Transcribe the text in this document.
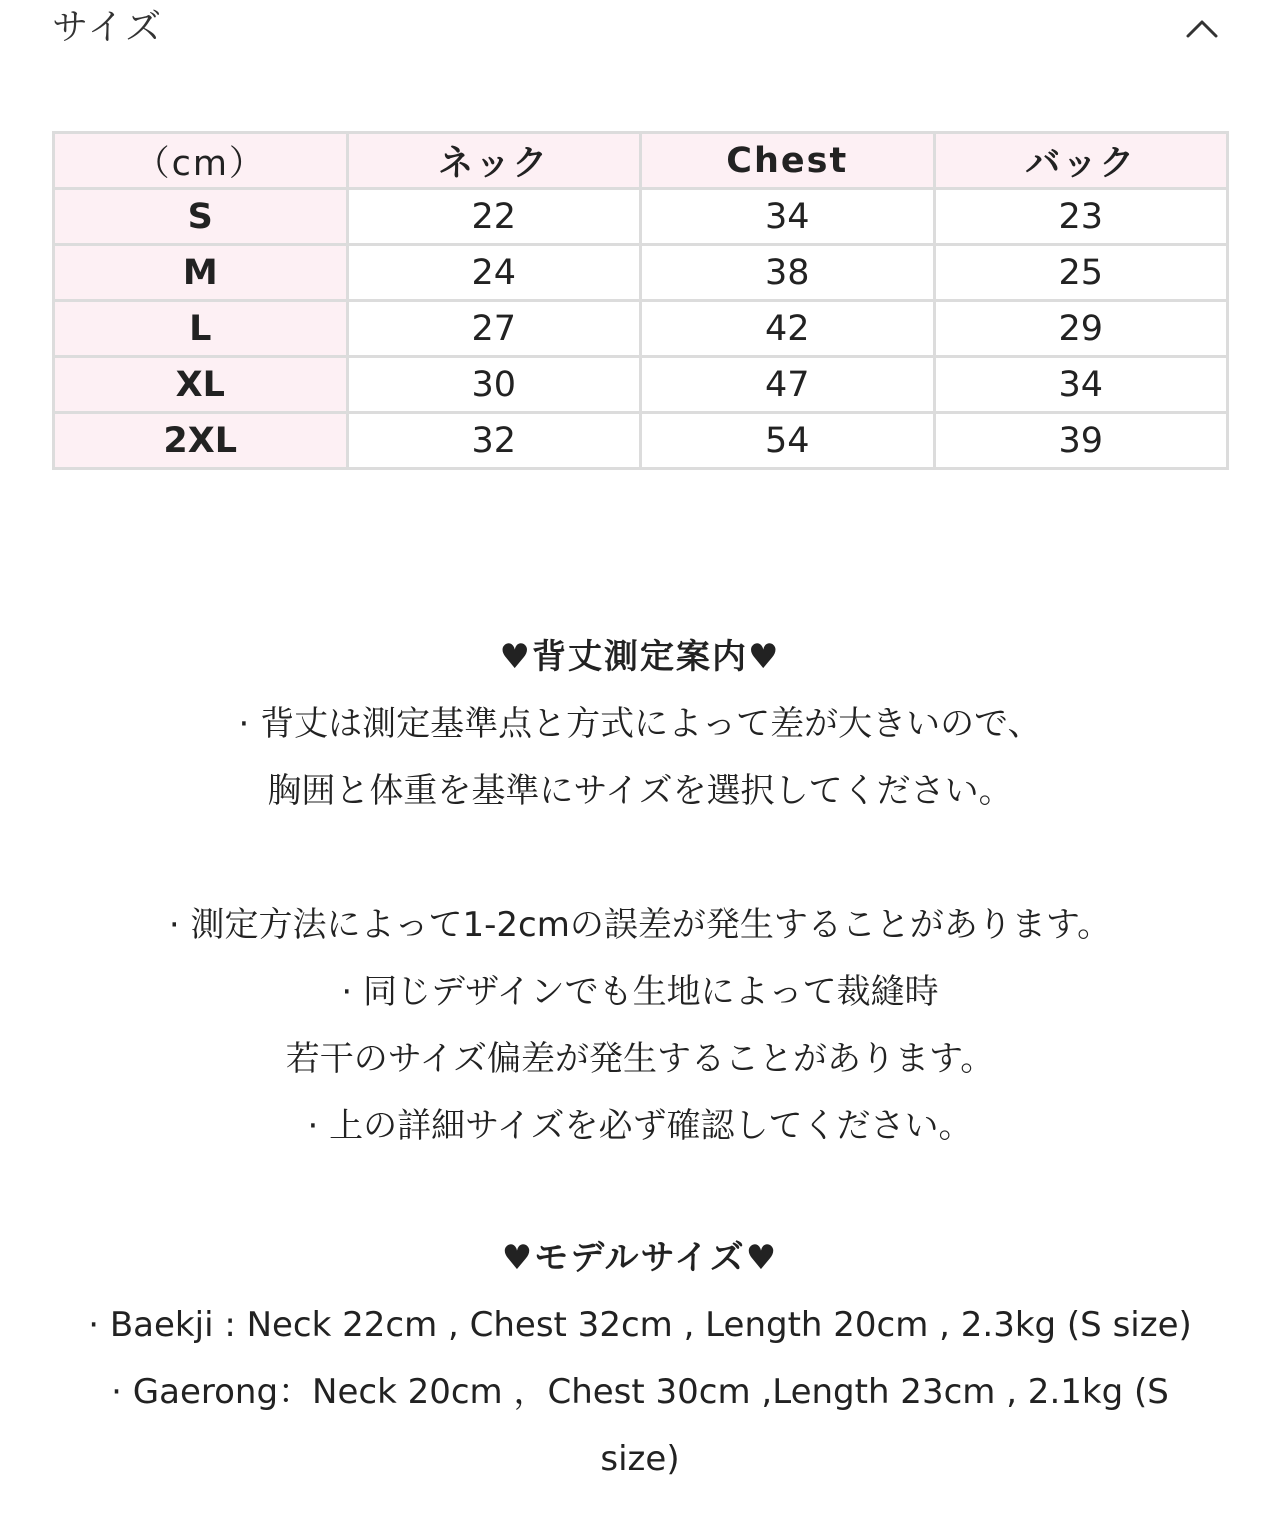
サイズ
（cm）	ネック	Chest	バック
S	22	34	23
M	24	38	25
L	27	42	29
XL	30	47	34
2XL	32	54	39

♥背丈測定案内♥

· 背丈は測定基準点と方式によって差が大きいので、

胸囲と体重を基準にサイズを選択してください。

· 測定方法によって1-2cmの誤差が発生することがあります。

· 同じデザインでも生地によって裁縫時

若干のサイズ偏差が発生することがあります。

· 上の詳細サイズを必ず確認してください。

♥モデルサイズ♥

· Baekji : Neck 22cm , Chest 32cm , Length 20cm , 2.3kg (S size)

· Gaerong：Neck 20cm ，Chest 30cm ,Length 23cm , 2.1kg (S size)
